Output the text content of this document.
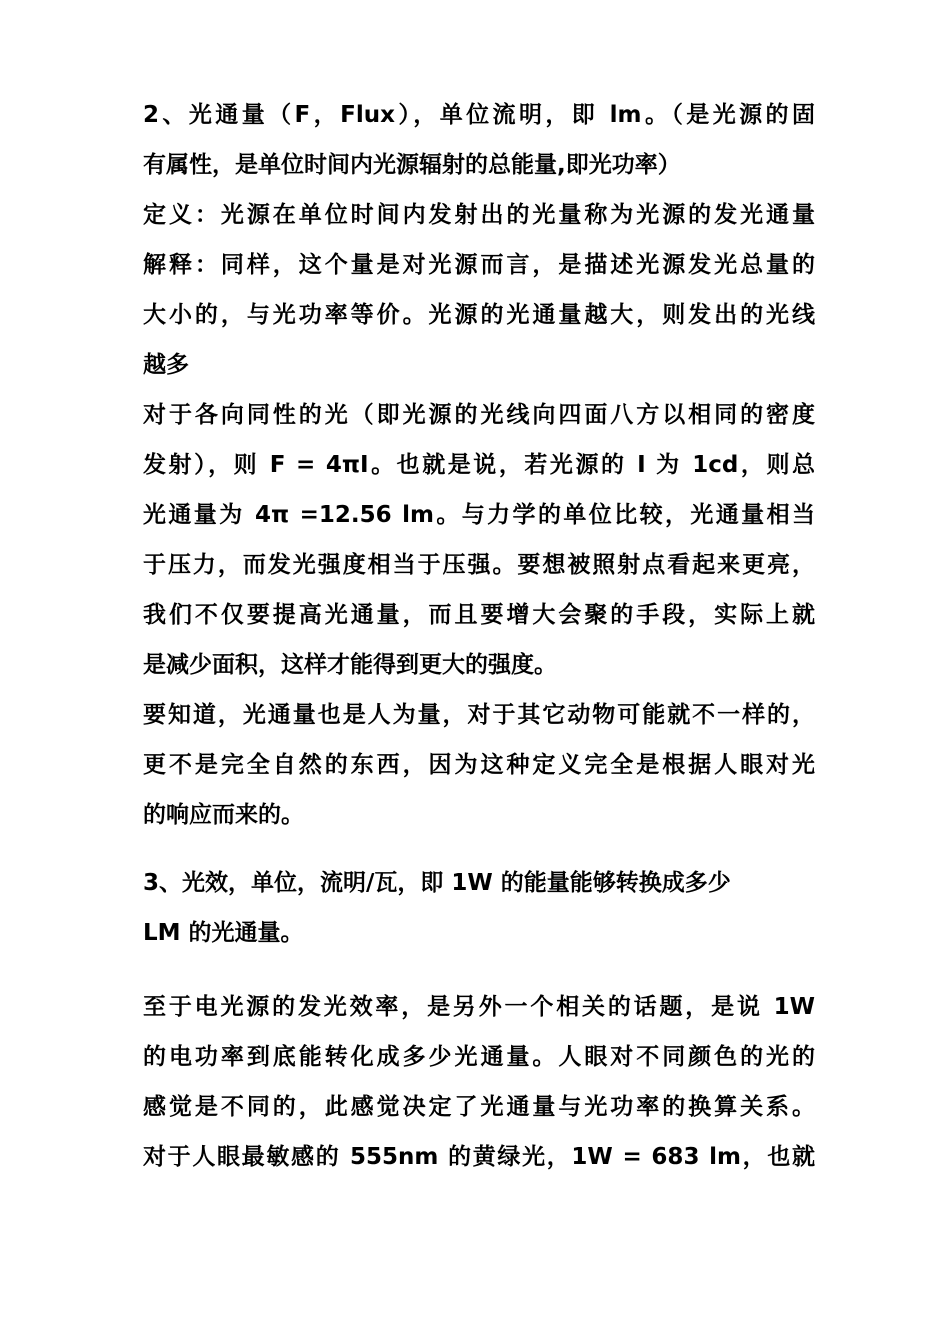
2、光通量（F，Flux），单位流明，即 lm。（是光源的固
有属性，是单位时间内光源辐射的总能量,即光功率）
定义：光源在单位时间内发射出的光量称为光源的发光通量
解释：同样，这个量是对光源而言，是描述光源发光总量的
大小的，与光功率等价。光源的光通量越大，则发出的光线
越多
对于各向同性的光（即光源的光线向四面八方以相同的密度
发射），则 F = 4πI。也就是说，若光源的 I 为 1cd，则总
光通量为 4π =12.56 lm。与力学的单位比较，光通量相当
于压力，而发光强度相当于压强。要想被照射点看起来更亮，
我们不仅要提高光通量，而且要增大会聚的手段，实际上就
是减少面积，这样才能得到更大的强度。
要知道，光通量也是人为量，对于其它动物可能就不一样的，
更不是完全自然的东西，因为这种定义完全是根据人眼对光
的响应而来的。
3、光效，单位，流明/瓦，即 1W 的能量能够转换成多少
LM 的光通量。
至于电光源的发光效率，是另外一个相关的话题，是说 1W
的电功率到底能转化成多少光通量。人眼对不同颜色的光的
感觉是不同的，此感觉决定了光通量与光功率的换算关系。
对于人眼最敏感的 555nm 的黄绿光，1W = 683 lm，也就
